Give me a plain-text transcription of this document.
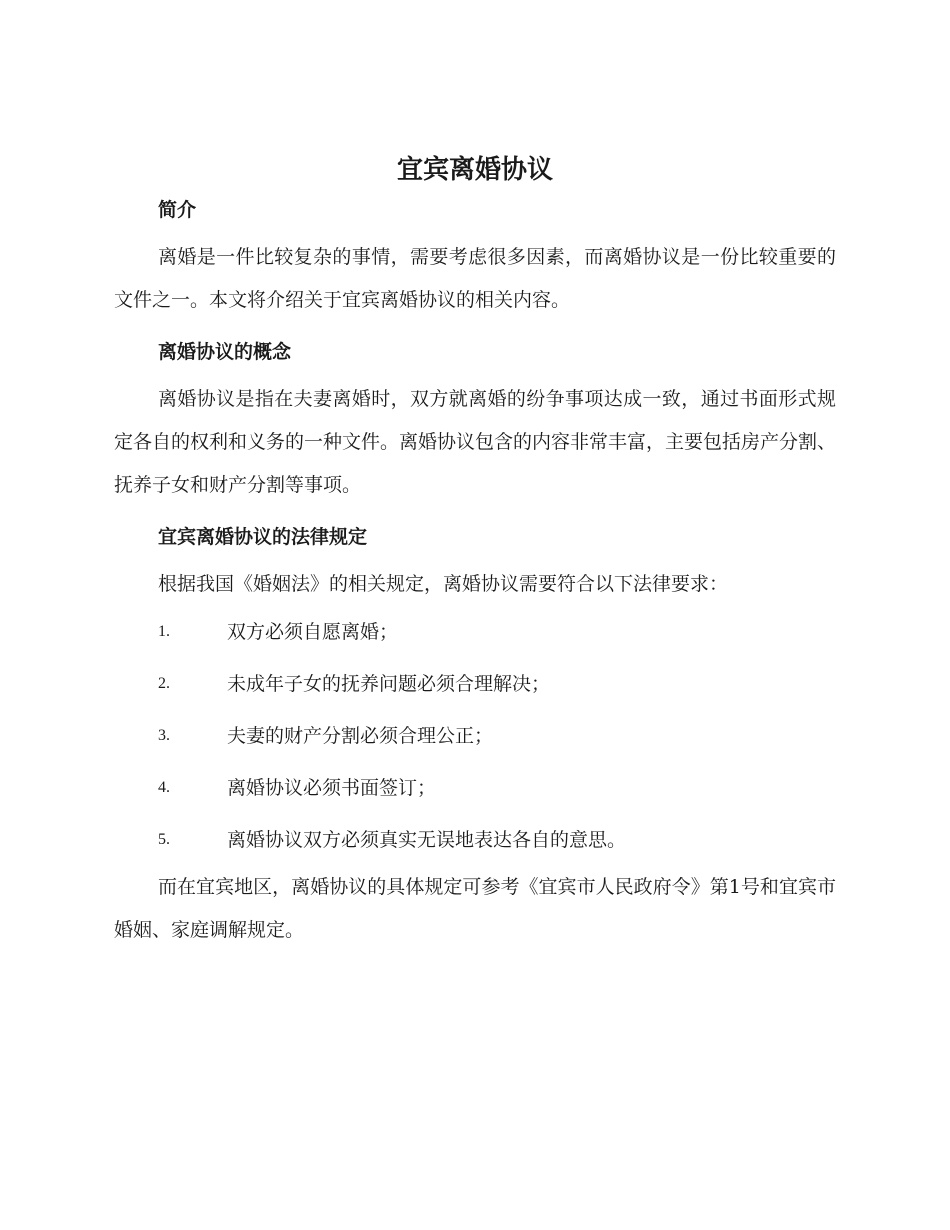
宜宾离婚协议
简介

离婚是一件比较复杂的事情，需要考虑很多因素，而离婚协议是一份比较重要的文件之一。本文将介绍关于宜宾离婚协议的相关内容。

离婚协议的概念

离婚协议是指在夫妻离婚时，双方就离婚的纷争事项达成一致，通过书面形式规定各自的权利和义务的一种文件。离婚协议包含的内容非常丰富，主要包括房产分割、抚养子女和财产分割等事项。

宜宾离婚协议的法律规定

根据我国《婚姻法》的相关规定，离婚协议需要符合以下法律要求：

1.	双方必须自愿离婚；
2.	未成年子女的抚养问题必须合理解决；
3.	夫妻的财产分割必须合理公正；
4.	离婚协议必须书面签订；
5.	离婚协议双方必须真实无误地表达各自的意思。

而在宜宾地区，离婚协议的具体规定可参考《宜宾市人民政府令》第1号和宜宾市婚姻、家庭调解规定。
